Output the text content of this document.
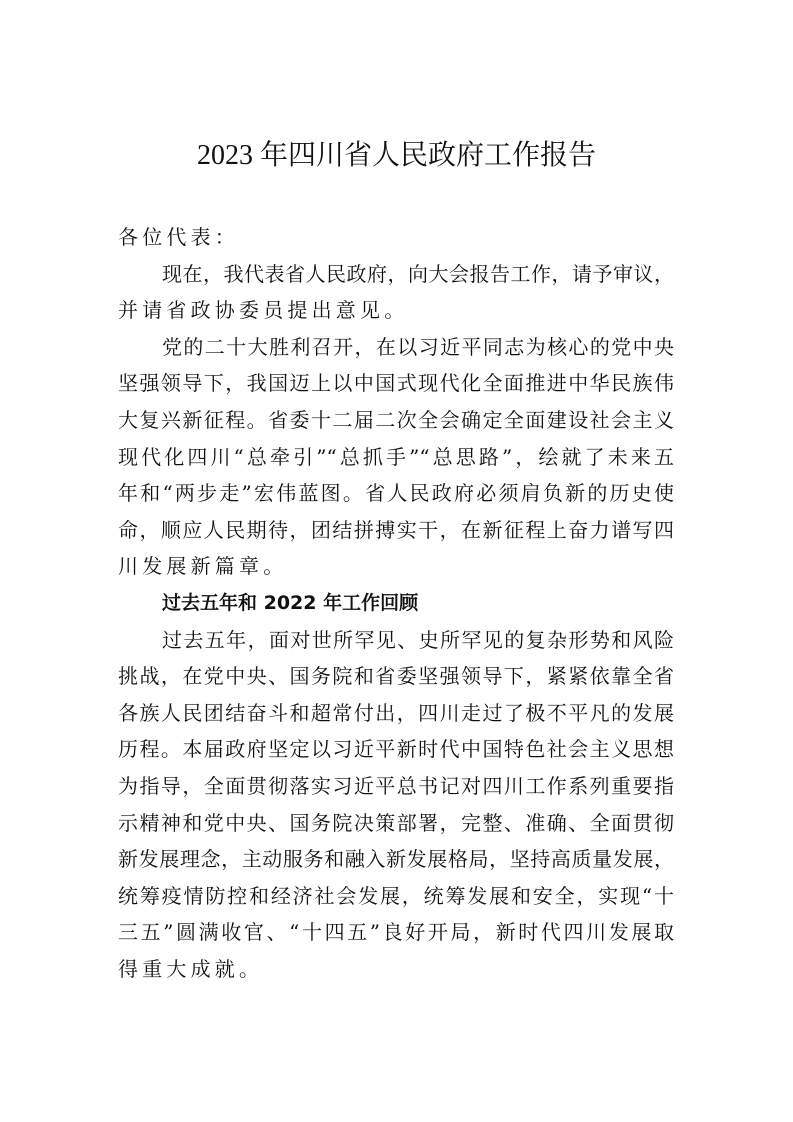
2023 年四川省人民政府工作报告
各位代表：
现在，我代表省人民政府，向大会报告工作，请予审议，
并请省政协委员提出意见。
党的二十大胜利召开，在以习近平同志为核心的党中央
坚强领导下，我国迈上以中国式现代化全面推进中华民族伟
大复兴新征程。省委十二届二次全会确定全面建设社会主义
现代化四川“总牵引”“总抓手”“总思路”，绘就了未来五
年和“两步走”宏伟蓝图。省人民政府必须肩负新的历史使
命，顺应人民期待，团结拼搏实干，在新征程上奋力谱写四
川发展新篇章。
过去五年和 2022 年工作回顾
过去五年，面对世所罕见、史所罕见的复杂形势和风险
挑战，在党中央、国务院和省委坚强领导下，紧紧依靠全省
各族人民团结奋斗和超常付出，四川走过了极不平凡的发展
历程。本届政府坚定以习近平新时代中国特色社会主义思想
为指导，全面贯彻落实习近平总书记对四川工作系列重要指
示精神和党中央、国务院决策部署，完整、准确、全面贯彻
新发展理念，主动服务和融入新发展格局，坚持高质量发展，
统筹疫情防控和经济社会发展，统筹发展和安全，实现“十
三五”圆满收官、“十四五”良好开局，新时代四川发展取
得重大成就。
